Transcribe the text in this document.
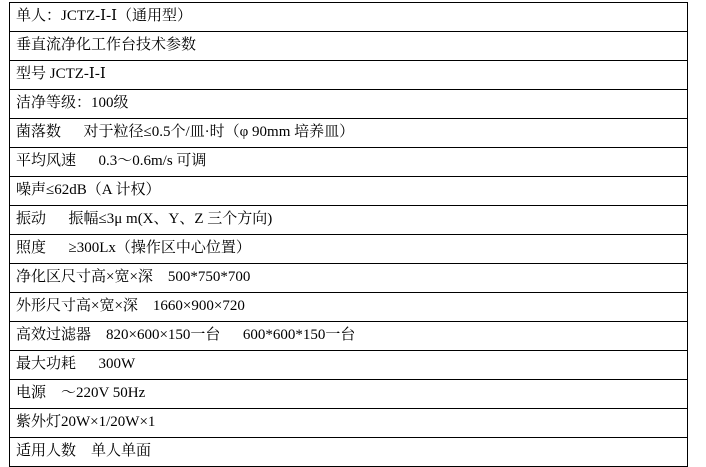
单人：JCTZ-Ⅰ-Ⅰ（通用型）
垂直流净化工作台技术参数
型号 JCTZ-Ⅰ-Ⅰ
洁净等级：100级
菌落数      对于粒径≤0.5个/皿·时（φ 90mm 培养皿）
平均风速      0.3～0.6m/s 可调
噪声≤62dB（A 计权）
振动      振幅≤3μ m(X、Y、Z 三个方向)
照度      ≥300Lx（操作区中心位置）
净化区尺寸高×宽×深    500*750*700
外形尺寸高×宽×深    1660×900×720
高效过滤器    820×600×150一台      600*600*150一台
最大功耗      300W
电源    ～220V 50Hz
紫外灯20W×1/20W×1
适用人数    单人单面
